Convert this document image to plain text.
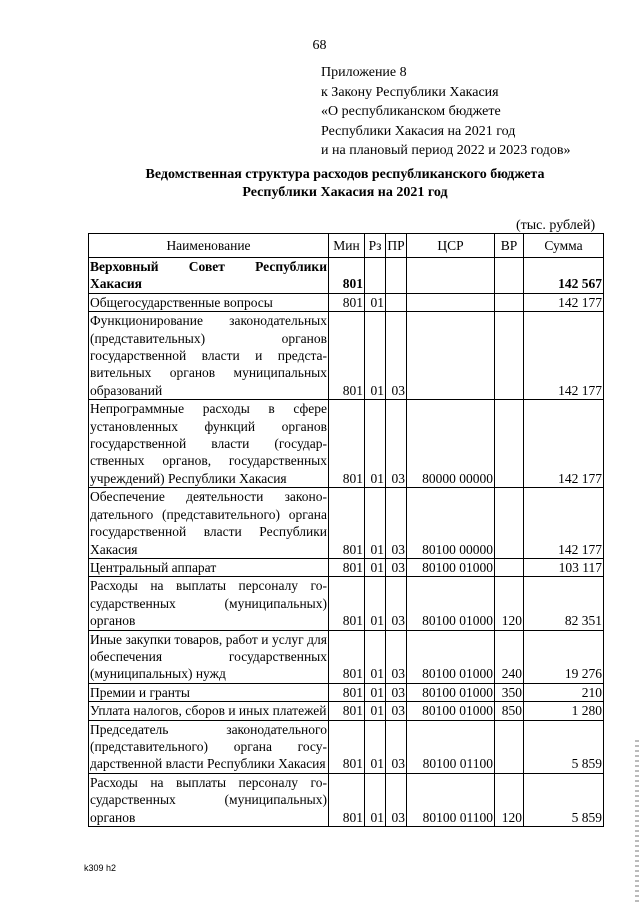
68
Приложение 8
к Закону Республики Хакасия
«О республиканском бюджете
Республики Хакасия на 2021 год
и на плановый период 2022 и 2023 годов»
Ведомственная структура расходов республиканского бюджета
Республики Хакасия на 2021 год
(тыс. рублей)
Наименование	Мин	Рз	ПР	ЦСР	ВР	Сумма
Верховный Совет Республики Хакасия	801					142 567
Общегосударственные вопросы	801	01				142 177
Функционирование законодательных (представительных) органов государственной власти и представительных органов муниципальных образований	801	01	03			142 177
Непрограммные расходы в сфере установленных функций органов государственной власти (государственных органов, государственных учреждений) Республики Хакасия	801	01	03	80000 00000		142 177
Обеспечение деятельности законодательного (представительного) органа государственной власти Республики Хакасия	801	01	03	80100 00000		142 177
Центральный аппарат	801	01	03	80100 01000		103 117
Расходы на выплаты персоналу государственных (муниципальных) органов	801	01	03	80100 01000	120	82 351
Иные закупки товаров, работ и услуг для обеспечения государственных (муниципальных) нужд	801	01	03	80100 01000	240	19 276
Премии и гранты	801	01	03	80100 01000	350	210
Уплата налогов, сборов и иных платежей	801	01	03	80100 01000	850	1 280
Председатель законодательного (представительного) органа государственной власти Республики Хакасия	801	01	03	80100 01100		5 859
Расходы на выплаты персоналу государственных (муниципальных) органов	801	01	03	80100 01100	120	5 859
k309 h2
